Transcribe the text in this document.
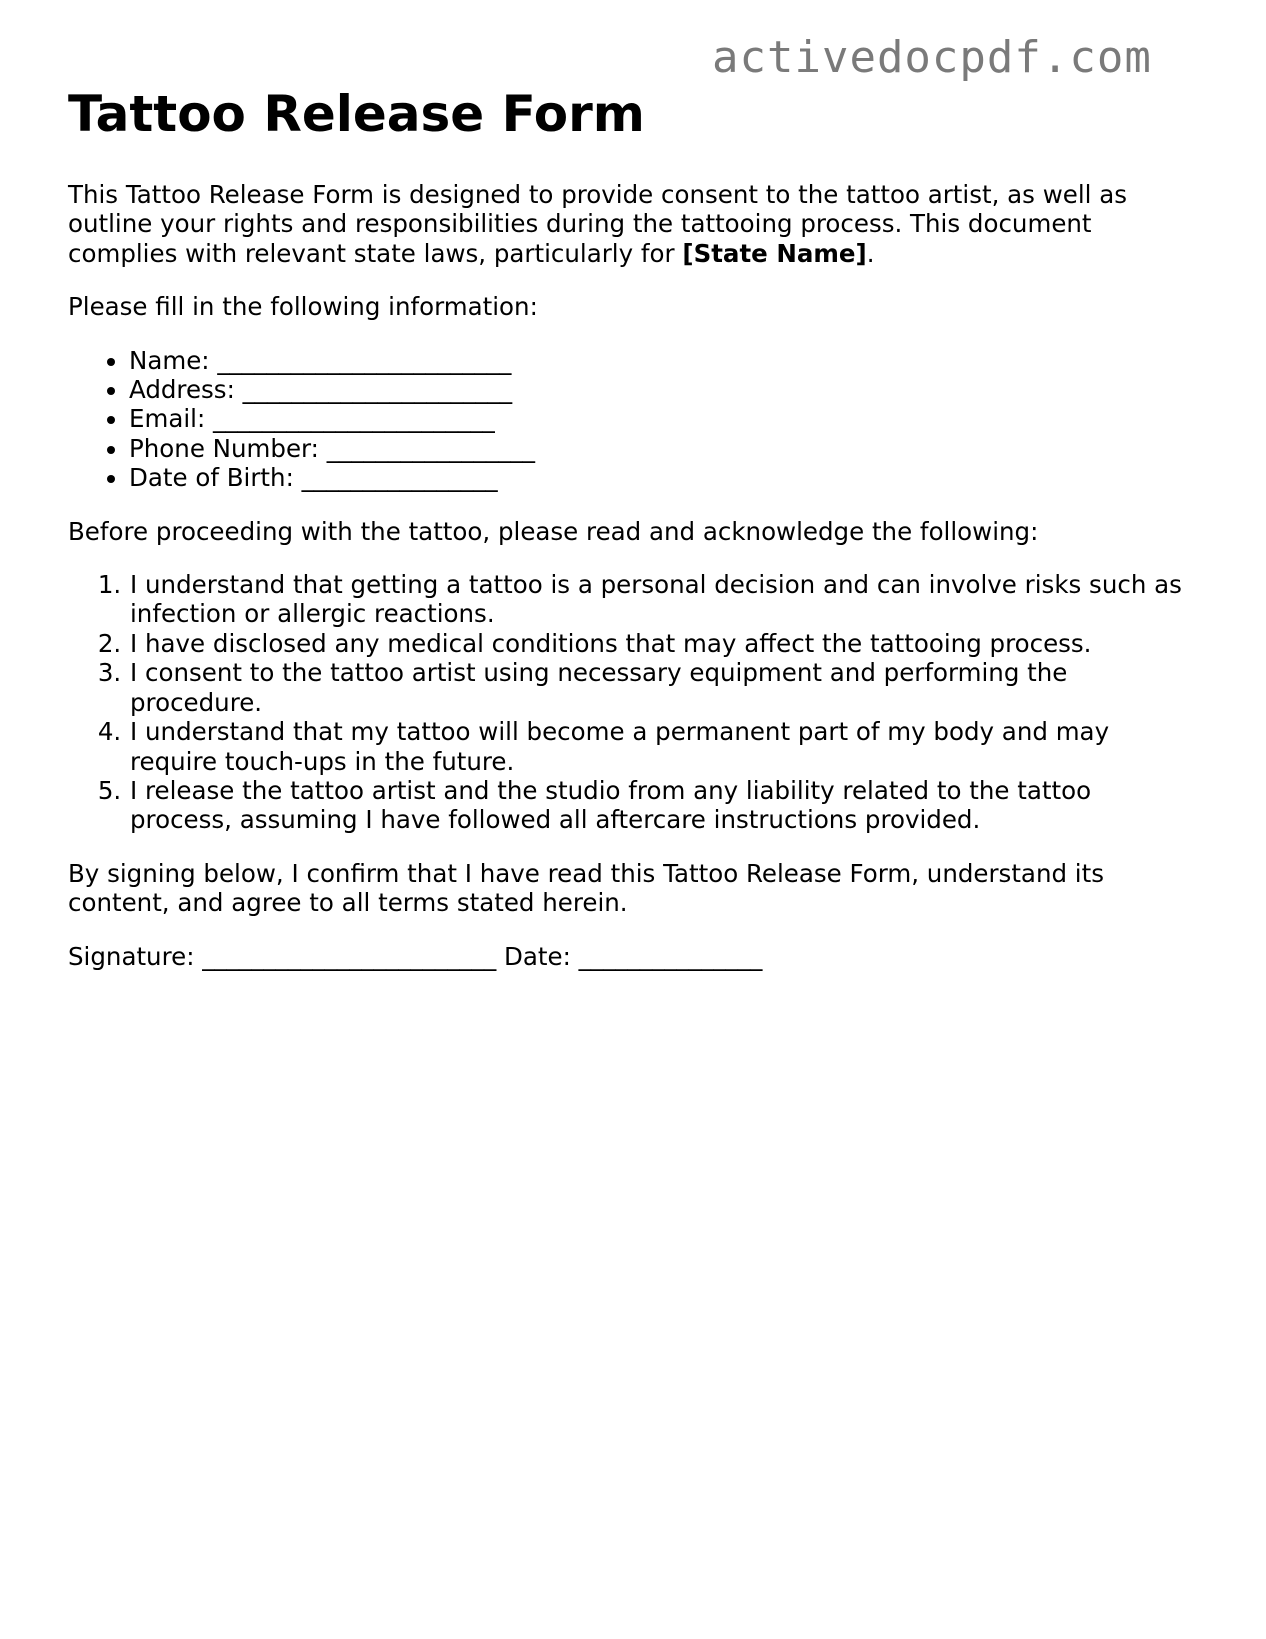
activedocpdf.com
Tattoo Release Form

This Tattoo Release Form is designed to provide consent to the tattoo artist, as well as outline your rights and responsibilities during the tattooing process. This document complies with relevant state laws, particularly for [State Name].

Please fill in the following information:

• Name: ________________________
• Address: ______________________
• Email: _______________________
• Phone Number: _________________
• Date of Birth: ________________

Before proceeding with the tattoo, please read and acknowledge the following:

1. I understand that getting a tattoo is a personal decision and can involve risks such as infection or allergic reactions.
2. I have disclosed any medical conditions that may affect the tattooing process.
3. I consent to the tattoo artist using necessary equipment and performing the procedure.
4. I understand that my tattoo will become a permanent part of my body and may require touch-ups in the future.
5. I release the tattoo artist and the studio from any liability related to the tattoo process, assuming I have followed all aftercare instructions provided.

By signing below, I confirm that I have read this Tattoo Release Form, understand its content, and agree to all terms stated herein.

Signature: ________________________ Date: _______________
